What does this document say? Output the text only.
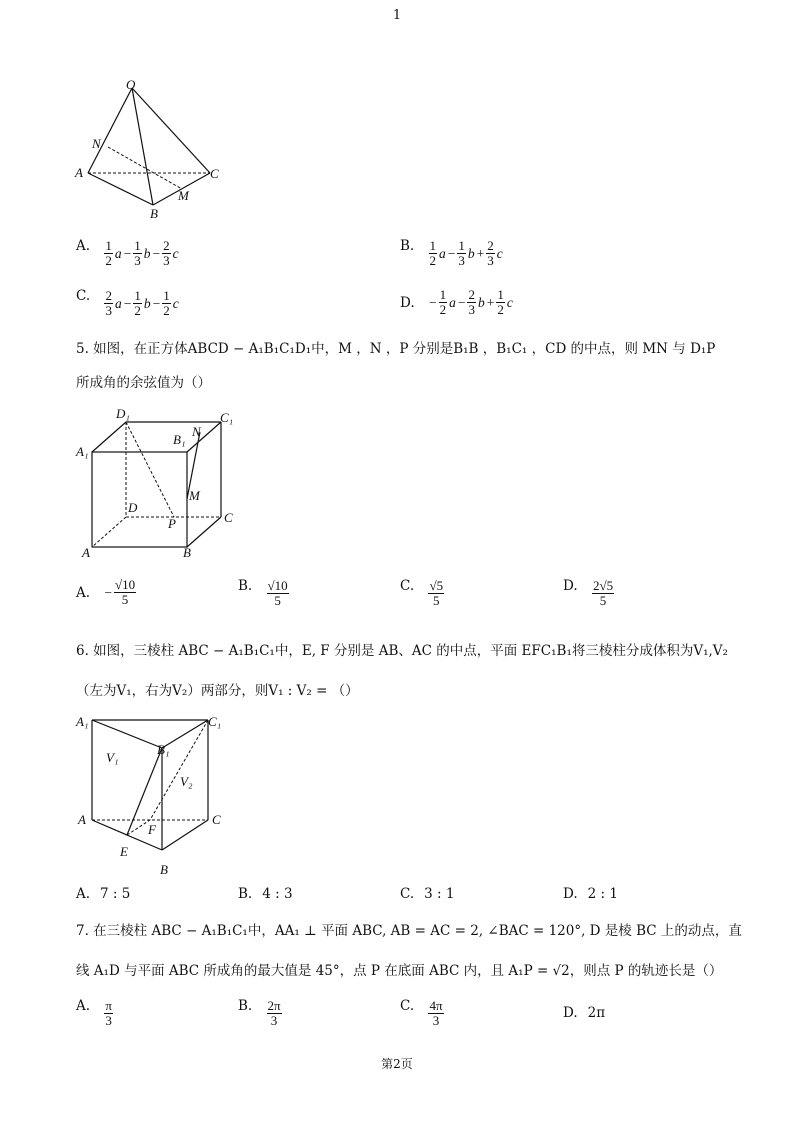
1
O
N
A	C
M
B
A. $\frac{1}{2}$ $a - \frac{1}{3}$ $b - \frac{2}{3}$ c	B. $\frac{1}{2}$ $a - \frac{1}{3}$ $b + \frac{2}{3}$ c
C. $\frac{2}{3}$ $a - \frac{1}{2}$ $b - \frac{1}{2}$ c	D. − $\frac{1}{2}$ $a - \frac{2}{3}$ $b + \frac{1}{2}$ c
5. 如图，在正方体ABCD − A₁B₁C₁D₁中，M ，N ，P 分别是B₁B ，B₁C₁ ，CD 的中点，则 MN 与 D₁P
所成角的余弦值为（）
D₁	C₁
B₁
N
A₁
M
D
P	C
A	B
A. − $\frac{√10}{5}$	B. $\frac{√10}{5}$	C. $\frac{√5}{5}$	D. $\frac{2√5}{5}$
6. 如图，三棱柱 ABC − A₁B₁C₁中，E, F 分别是 AB、AC 的中点，平面 EFC₁B₁将三棱柱分成体积为V₁,V₂
（左为V₁，右为V₂）两部分，则V₁ : V₂ = （）
A₁	C₁
V₁
B₁
V₂
A	C
F
E
B
A. 7 : 5	B. 4 : 3	C. 3 : 1	D. 2 : 1
7. 在三棱柱 ABC − A₁B₁C₁中，AA₁ ⊥ 平面 ABC, AB = AC = 2, ∠BAC = 120°, D 是棱 BC 上的动点，直
线 A₁D 与平面 ABC 所成角的最大值是 45°，点 P 在底面 ABC 内，且 A₁P = √2，则点 P 的轨迹长是（）
A. $\frac{\pi}{3}$	B. $\frac{2\pi}{3}$	C. $\frac{4\pi}{3}$	D. 2π
第2页
